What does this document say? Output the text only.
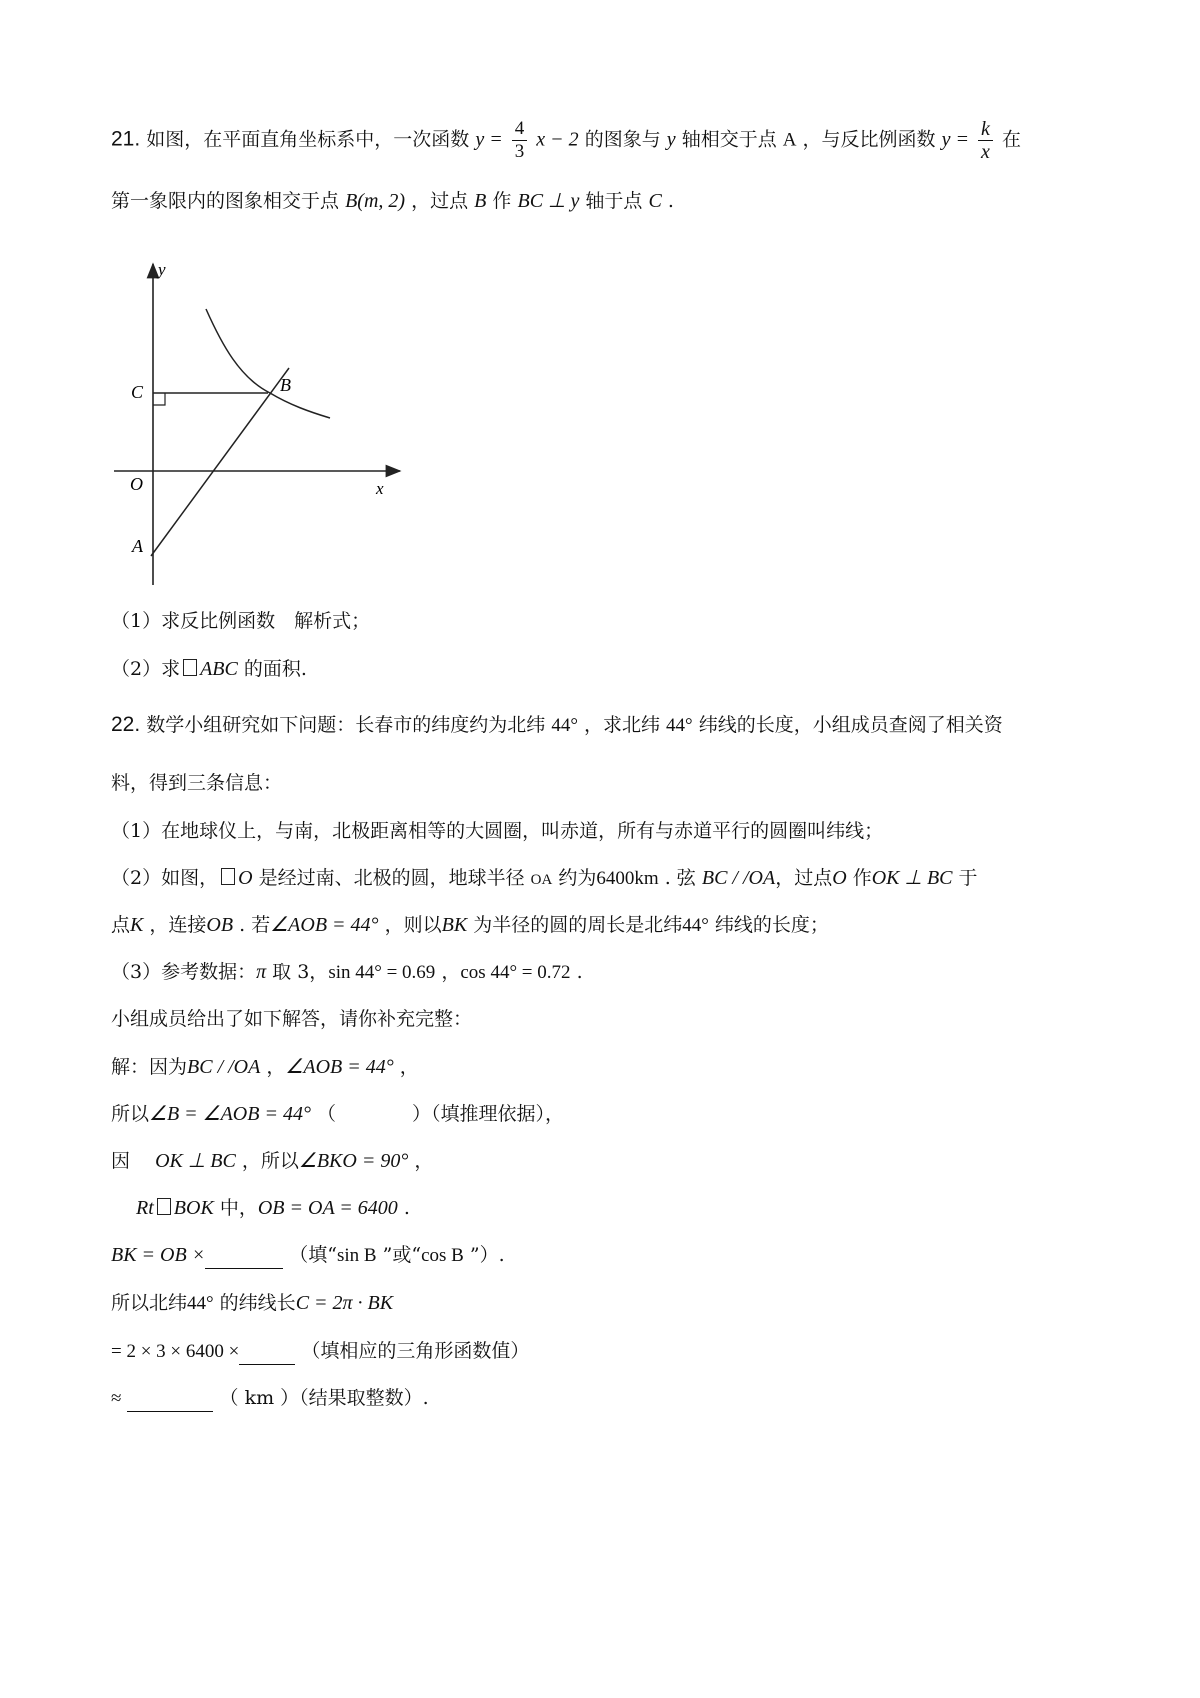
21. 如图，在平面直角坐标系中，一次函数 $y = \frac{4}{3}$ x − 2 的图象与 y 轴相交于点 A ，与反比例函数 $y = \frac{k}{x}$ 在
第一象限内的图象相交于点 B(m, 2) ，过点 B 作 BC ⊥ y 轴于点 C .
y
C	B
O	x
A
（1）求反比例函数　解析式；
（2）求 ABC 的面积.
22. 数学小组研究如下问题：长春市的纬度约为北纬 44° ，求北纬 44° 纬线的长度，小组成员查阅了相关资
料，得到三条信息：
（1）在地球仪上，与南，北极距离相等的大圆圈，叫赤道，所有与赤道平行的圆圈叫纬线；
（2）如图， O 是经过南、北极的圆，地球半径 OA 约为6400km . 弦 BC / /OA，过点O 作OK ⊥ BC 于
点K ，连接OB . 若∠AOB = 44° ，则以BK 为半径的圆的周长是北纬44° 纬线的长度；
（3）参考数据：π 取 3，sin 44° = 0.69 ，cos 44° = 0.72 .
小组成员给出了如下解答，请你补充完整：
解：因为BC / /OA ，∠AOB = 44° ，
所以∠B = ∠AOB = 44° （　　　　）（填推理依据），
因　 OK ⊥ BC ，所以∠BKO = 90° ，
Rt BOK 中，OB = OA = 6400 .
BK = OB ×	（填“sin B ”或“cos B ”）.
所以北纬44° 的纬线长C = 2π · BK
= 2 × 3 × 6400 ×	（填相应的三角形函数值）
≈	（ km ）（结果取整数）.
